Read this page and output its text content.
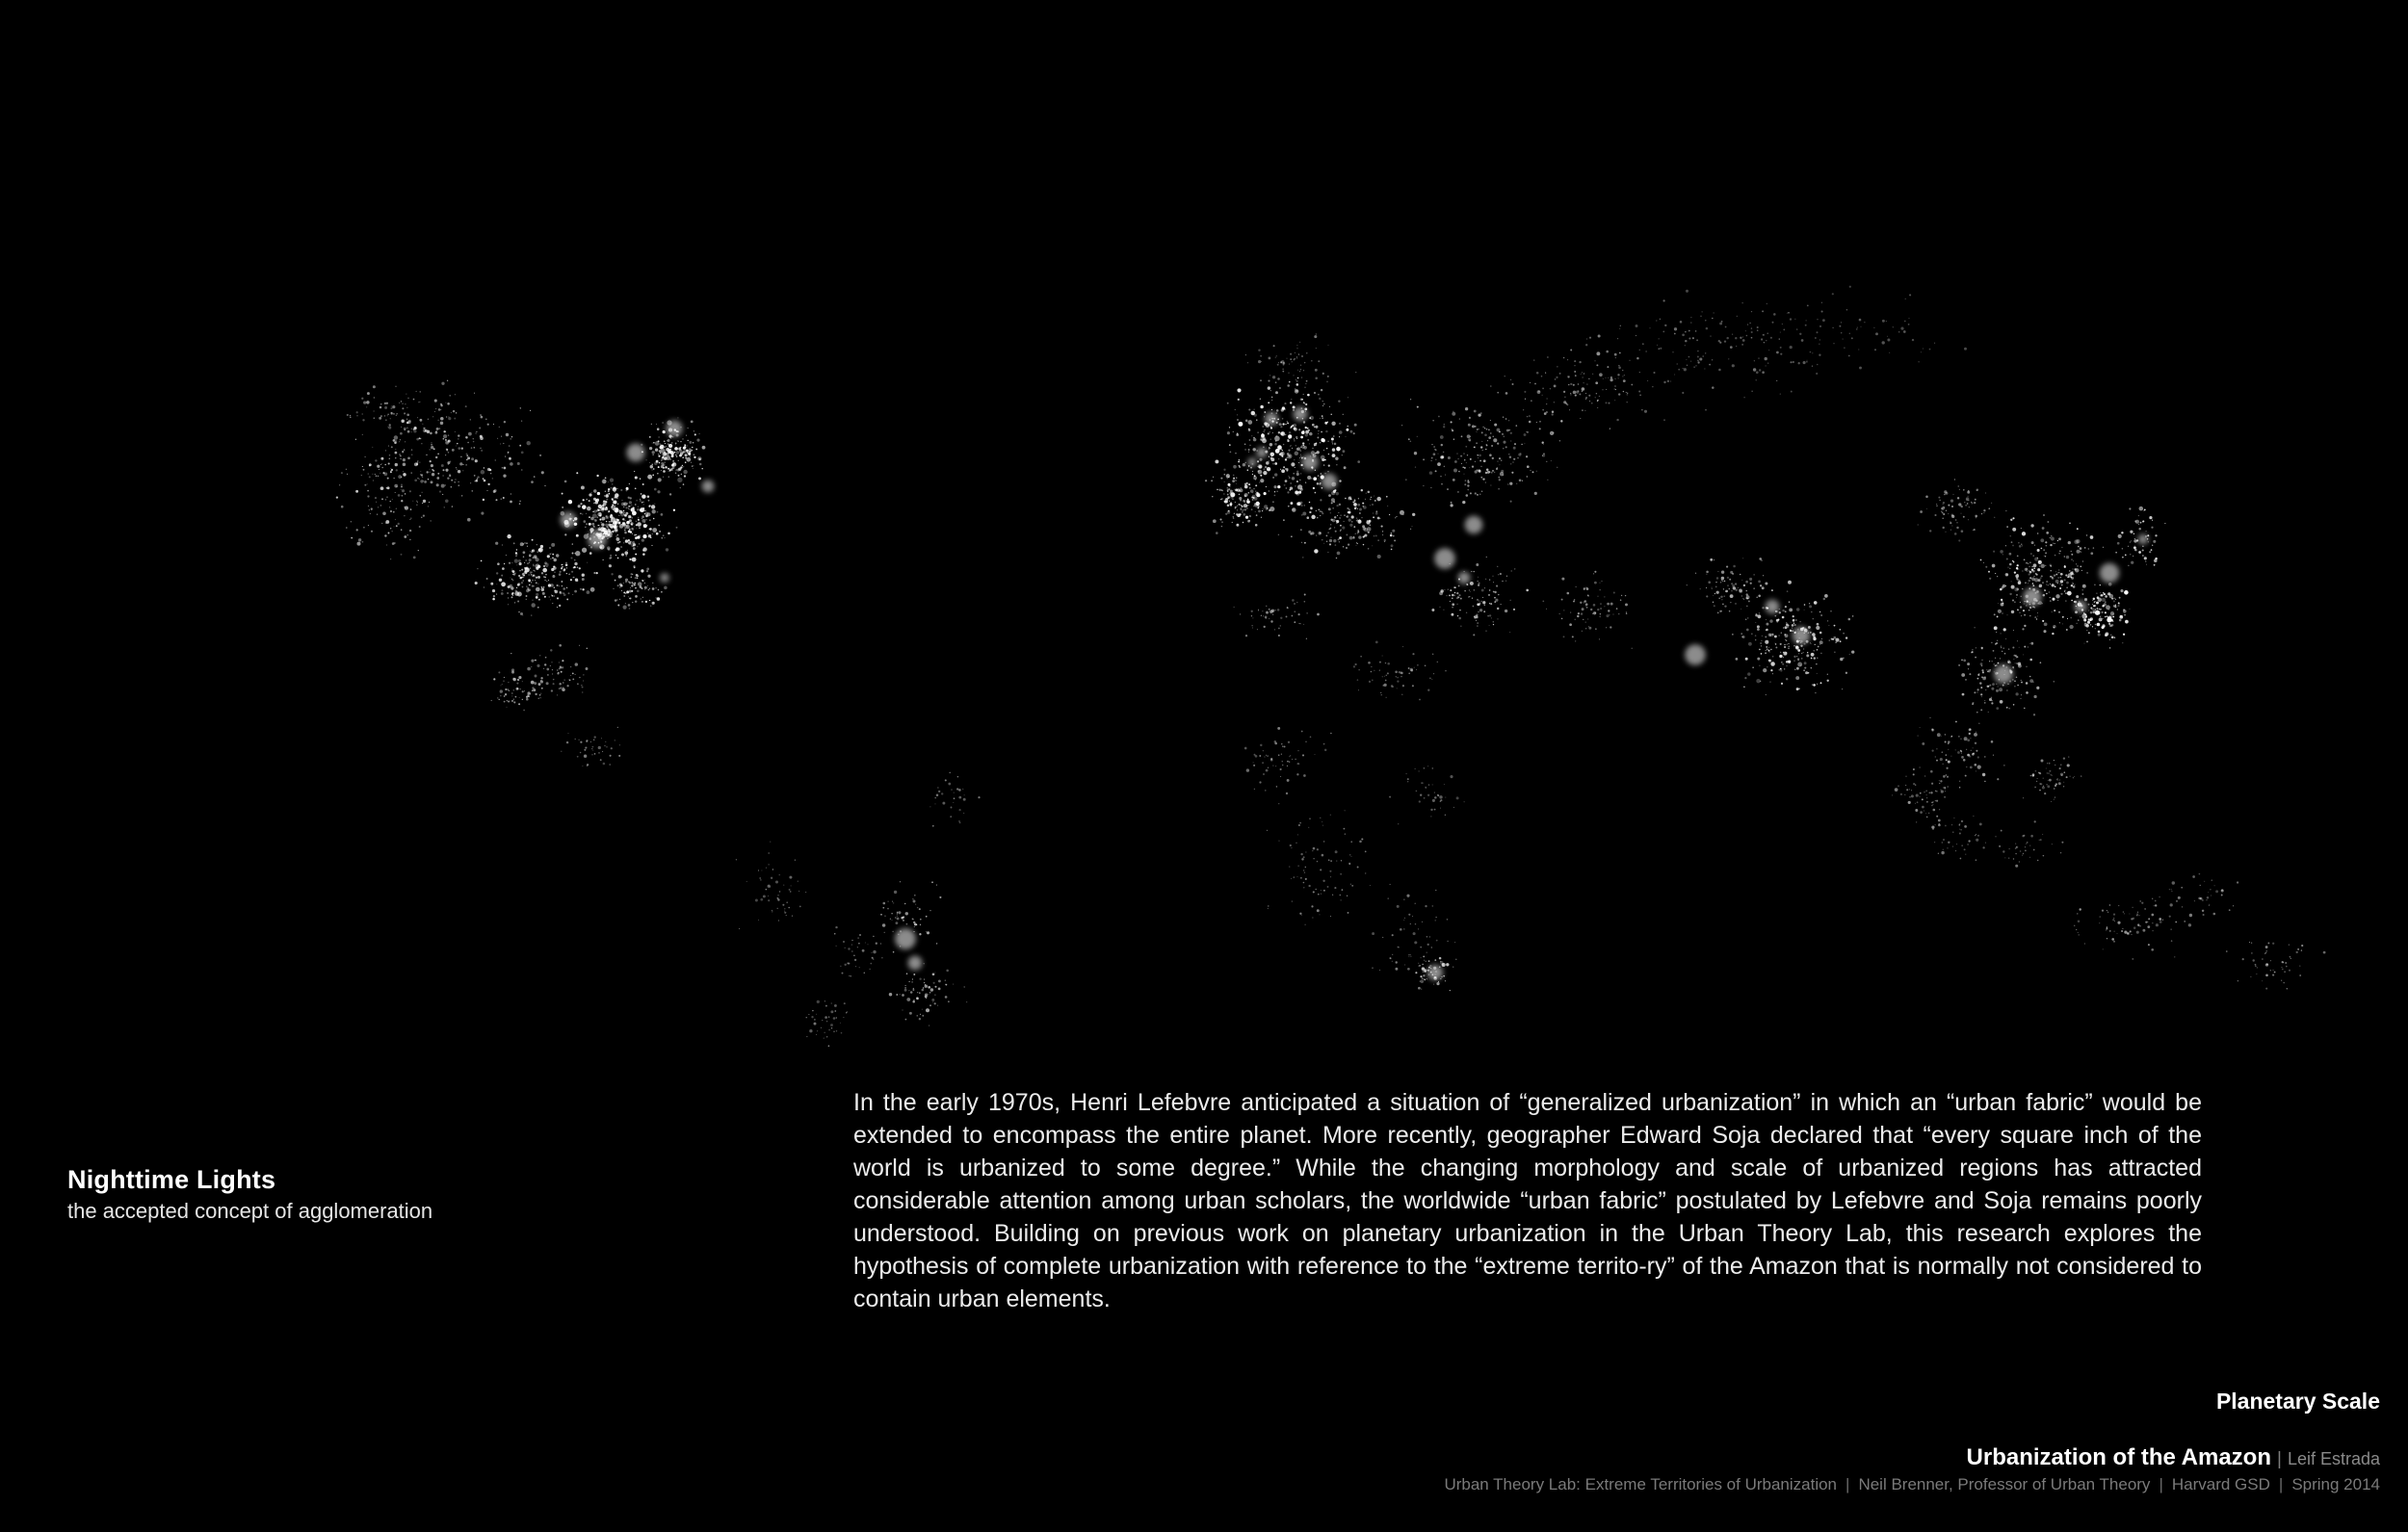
Nighttime Lights
the accepted concept of agglomeration
In the early 1970s, Henri Lefebvre anticipated a situation of “generalized urbanization” in which an “urban fabric” would be extended to encompass the entire planet. More recently, geographer Edward Soja declared that “every square inch of the world is urbanized to some degree.” While the changing morphology and scale of urbanized regions has attracted considerable attention among urban scholars, the worldwide “urban fabric” postulated by Lefebvre and Soja remains poorly understood. Building on previous work on planetary urbanization in the Urban Theory Lab, this research explores the hypothesis of complete urbanization with reference to the “extreme territo-ry” of the Amazon that is normally not considered to contain urban elements.
Planetary Scale
Urbanization of the Amazon | Leif Estrada
Urban Theory Lab: Extreme Territories of Urbanization | Neil Brenner, Professor of Urban Theory | Harvard GSD | Spring 2014
